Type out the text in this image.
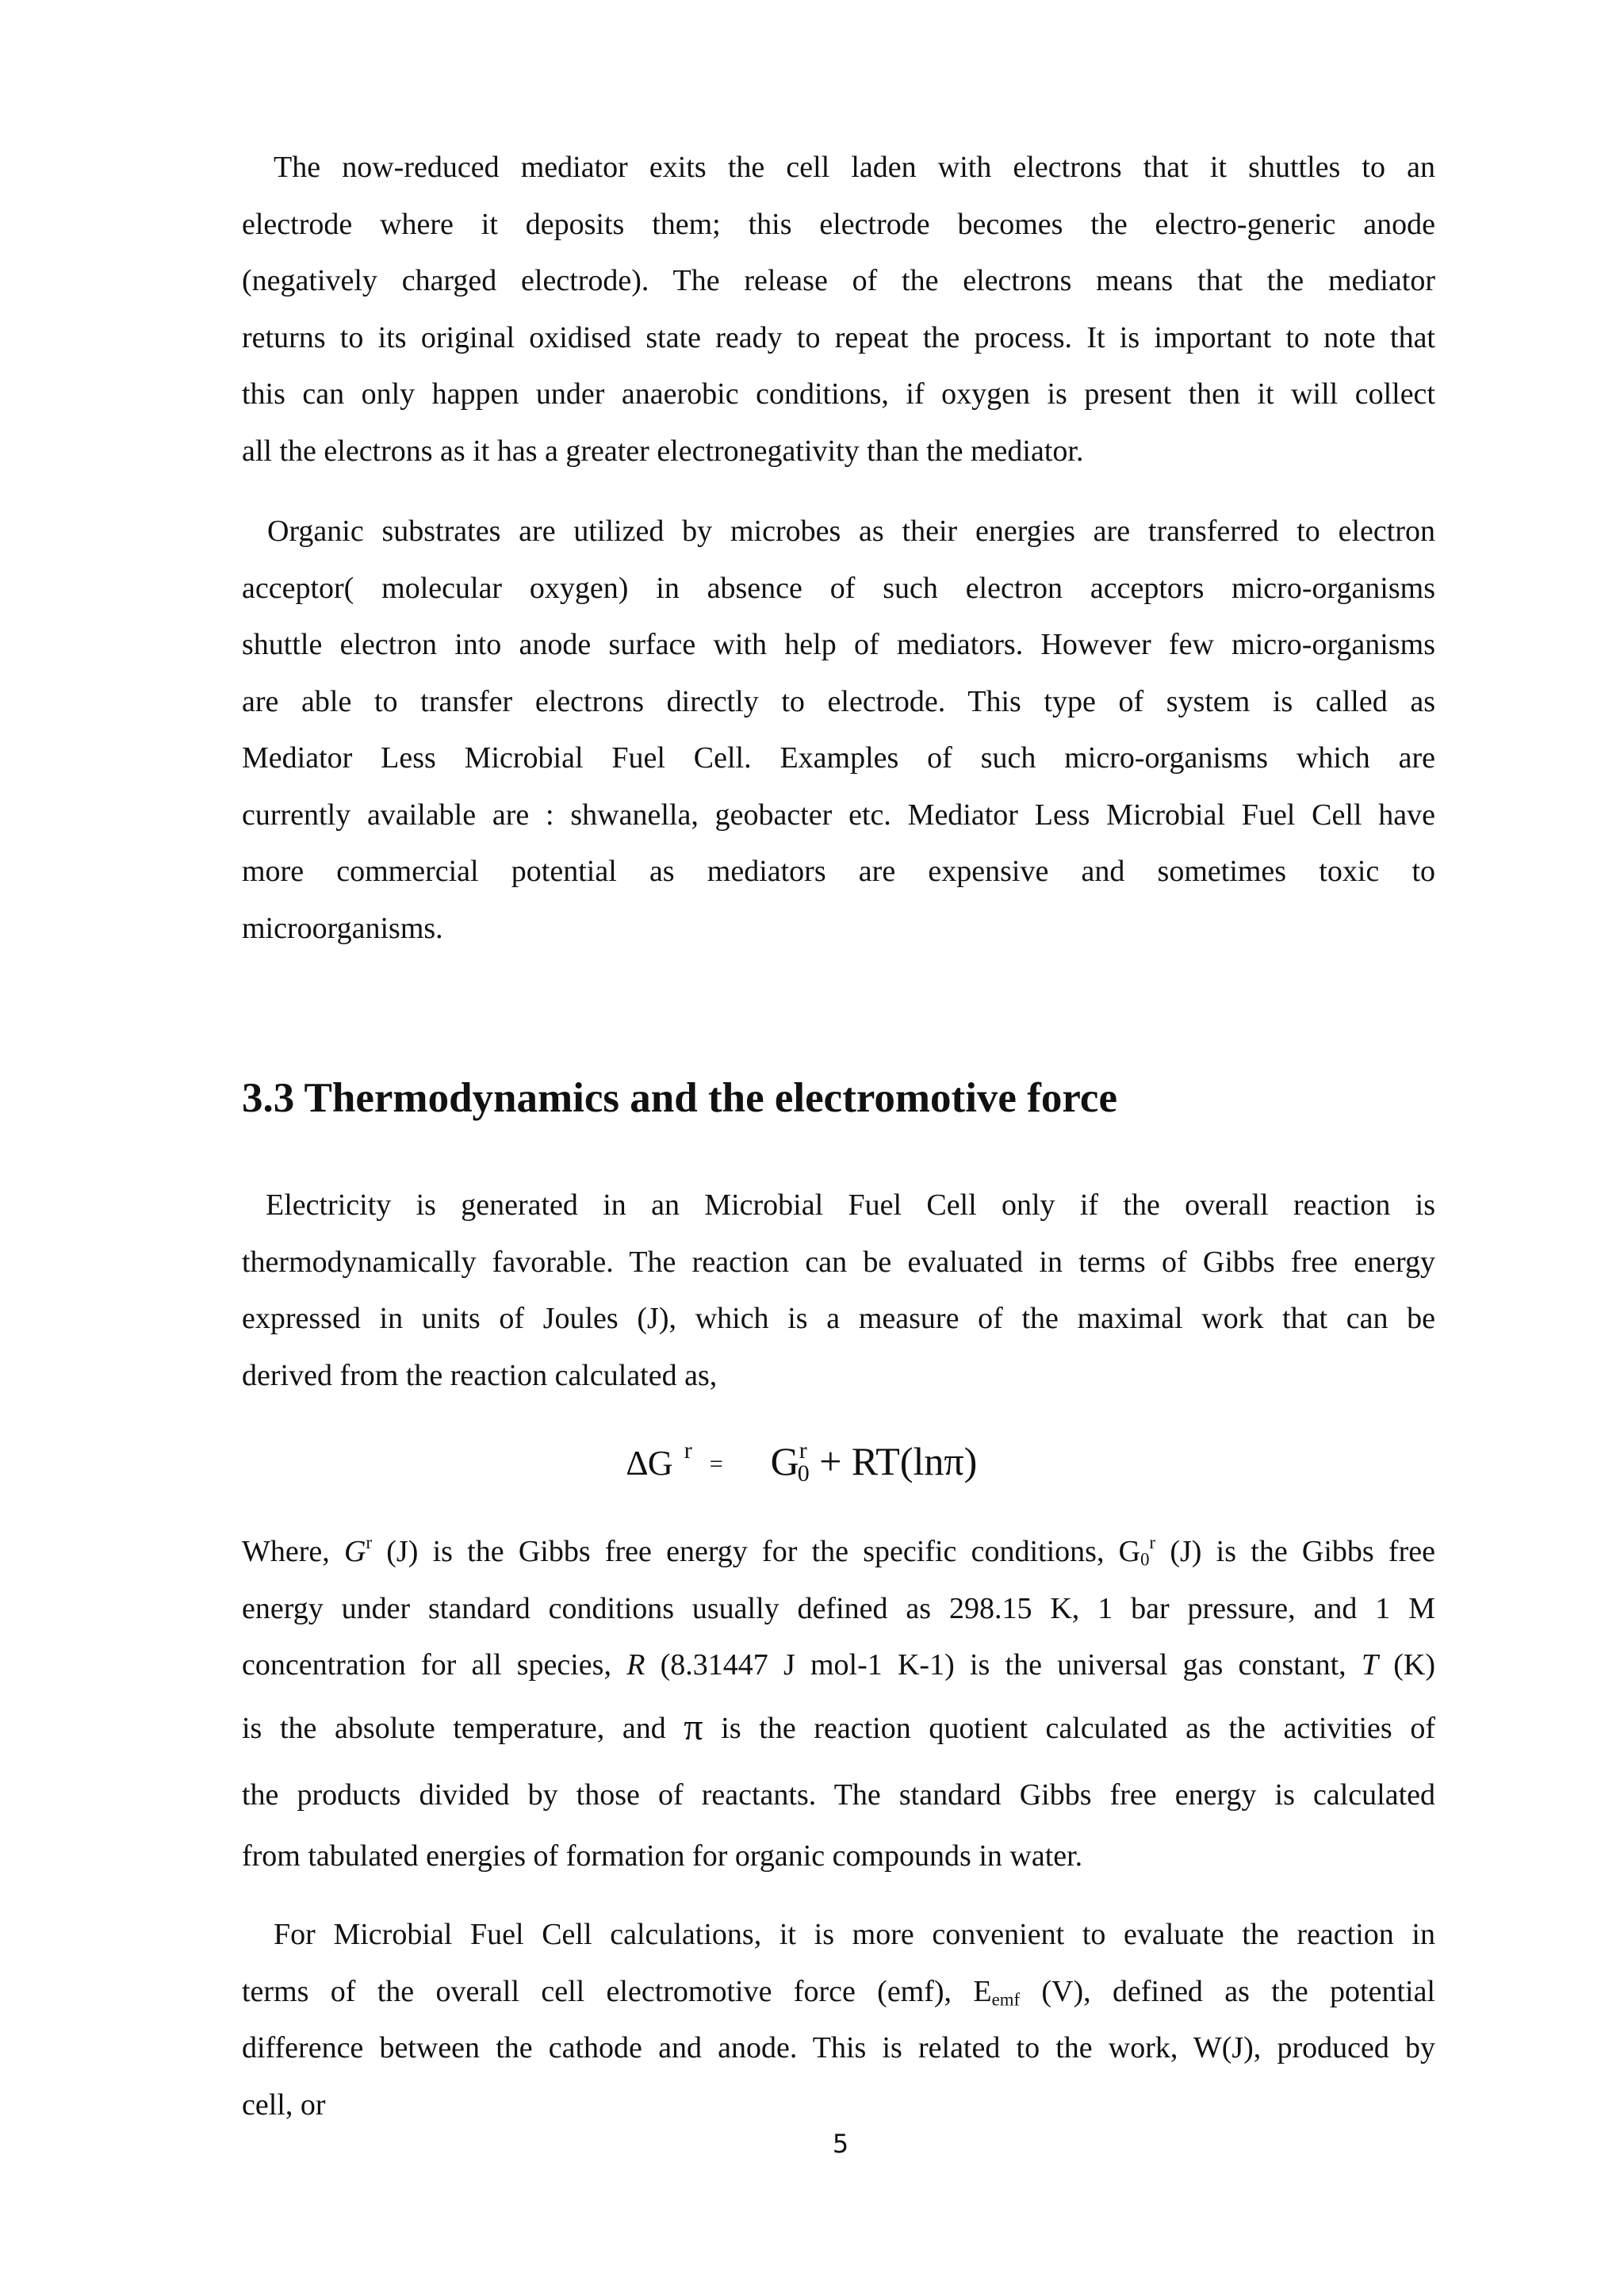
The now-reduced mediator exits the cell laden with electrons that it shuttles to an
electrode where it deposits them; this electrode becomes the electro-generic anode
(negatively charged electrode). The release of the electrons means that the mediator
returns to its original oxidised state ready to repeat the process. It is important to note that
this can only happen under anaerobic conditions, if oxygen is present then it will collect
all the electrons as it has a greater electronegativity than the mediator.
Organic substrates are utilized by microbes as their energies are transferred to electron
acceptor( molecular oxygen) in absence of such electron acceptors micro-organisms
shuttle electron into anode surface with help of mediators. However few micro-organisms
are able to transfer electrons directly to electrode. This type of system is called as
Mediator Less Microbial Fuel Cell. Examples of such micro-organisms which are
currently available are : shwanella, geobacter etc. Mediator Less Microbial Fuel Cell have
more commercial potential as mediators are expensive and sometimes toxic to
microorganisms.
3.3 Thermodynamics and the electromotive force
Electricity is generated in an Microbial Fuel Cell only if the overall reaction is
thermodynamically favorable. The reaction can be evaluated in terms of Gibbs free energy
expressed in units of Joules (J), which is a measure of the maximal work that can be
derived from the reaction calculated as,
∆G $^r= G^r_0 + RT(\ln\pi)$
Where, $G^r$ (J) is the Gibbs free energy for the specific conditions, $G_0^r$ (J) is the Gibbs free
energy under standard conditions usually defined as 298.15 K, 1 bar pressure, and 1 M
concentration for all species, R (8.31447 J mol-1 K-1) is the universal gas constant, T (K)
is the absolute temperature, and π is the reaction quotient calculated as the activities of
the products divided by those of reactants. The standard Gibbs free energy is calculated
from tabulated energies of formation for organic compounds in water.
For Microbial Fuel Cell calculations, it is more convenient to evaluate the reaction in
terms of the overall cell electromotive force (emf), $E_{emf}$ (V), defined as the potential
difference between the cathode and anode. This is related to the work, W(J), produced by
cell, or
5
